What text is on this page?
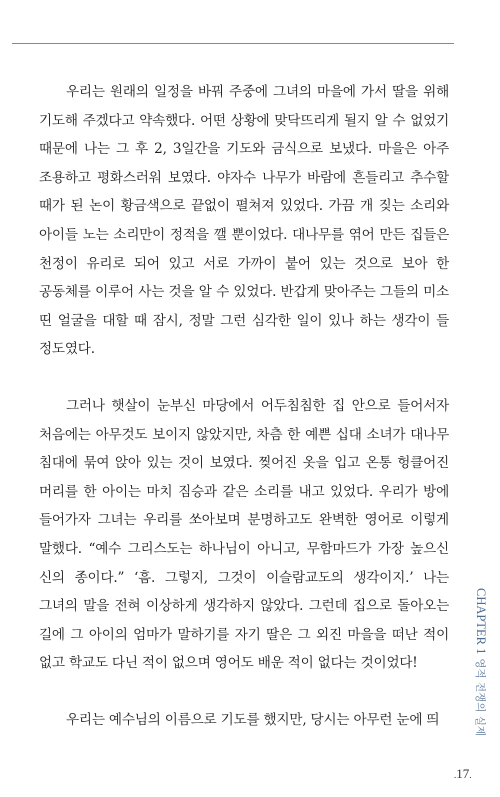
우리는 원래의 일정을 바꿔 주중에 그녀의 마을에 가서 딸을 위해 기도해 주겠다고 약속했다. 어떤 상황에 맞닥뜨리게 될지 알 수 없었기 때문에 나는 그 후 2, 3일간을 기도와 금식으로 보냈다. 마을은 아주 조용하고 평화스러워 보였다. 야자수 나무가 바람에 흔들리고 추수할 때가 된 논이 황금색으로 끝없이 펼쳐져 있었다. 가끔 개 짖는 소리와 아이들 노는 소리만이 정적을 깰 뿐이었다. 대나무를 엮어 만든 집들은 천정이 유리로 되어 있고 서로 가까이 붙어 있는 것으로 보아 한 공동체를 이루어 사는 것을 알 수 있었다. 반갑게 맞아주는 그들의 미소 띤 얼굴을 대할 때 잠시, 정말 그런 심각한 일이 있나 하는 생각이 들 정도였다.

그러나 햇살이 눈부신 마당에서 어두침침한 집 안으로 들어서자 처음에는 아무것도 보이지 않았지만, 차츰 한 예쁜 십대 소녀가 대나무 침대에 묶여 앉아 있는 것이 보였다. 찢어진 옷을 입고 온통 헝클어진 머리를 한 아이는 마치 짐승과 같은 소리를 내고 있었다. 우리가 방에 들어가자 그녀는 우리를 쏘아보며 분명하고도 완벽한 영어로 이렇게 말했다. “예수 그리스도는 하나님이 아니고, 무함마드가 가장 높으신 신의 종이다.” ‘흠. 그렇지, 그것이 이슬람교도의 생각이지.’ 나는 그녀의 말을 전혀 이상하게 생각하지 않았다. 그런데 집으로 돌아오는 길에 그 아이의 엄마가 말하기를 자기 딸은 그 외진 마을을 떠난 적이 없고 학교도 다닌 적이 없으며 영어도 배운 적이 없다는 것이었다!

우리는 예수님의 이름으로 기도를 했지만, 당시는 아무런 눈에 띄

CHAPTER 1영적 전쟁의 실제
.17.
